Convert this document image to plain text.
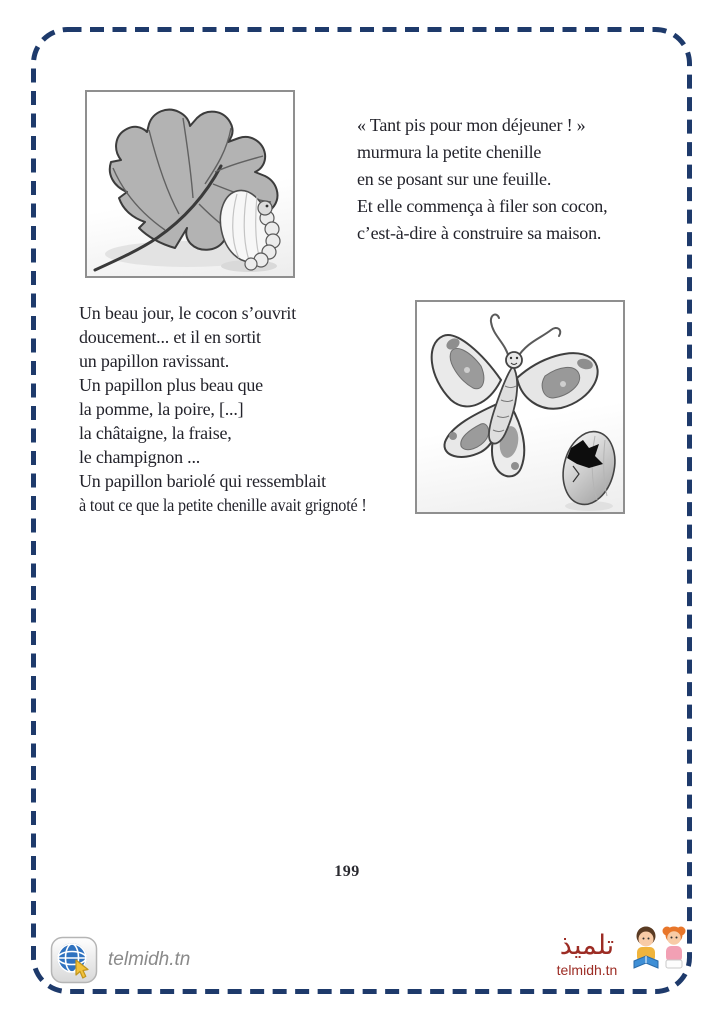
« Tant pis pour mon déjeuner ! »
murmura la petite chenille
en se posant sur une feuille.
Et elle commença à filer son cocon,
c’est-à-dire à construire sa maison.
Un beau jour, le cocon s’ouvrit
doucement... et il en sortit
un papillon ravissant.
Un papillon plus beau que
la pomme, la poire, [...]
la châtaigne, la fraise,
le champignon ...
Un papillon bariolé qui ressemblait
à tout ce que la petite chenille avait grignoté !
199
telmidh.tn	تلميذ
telmidh.tn
